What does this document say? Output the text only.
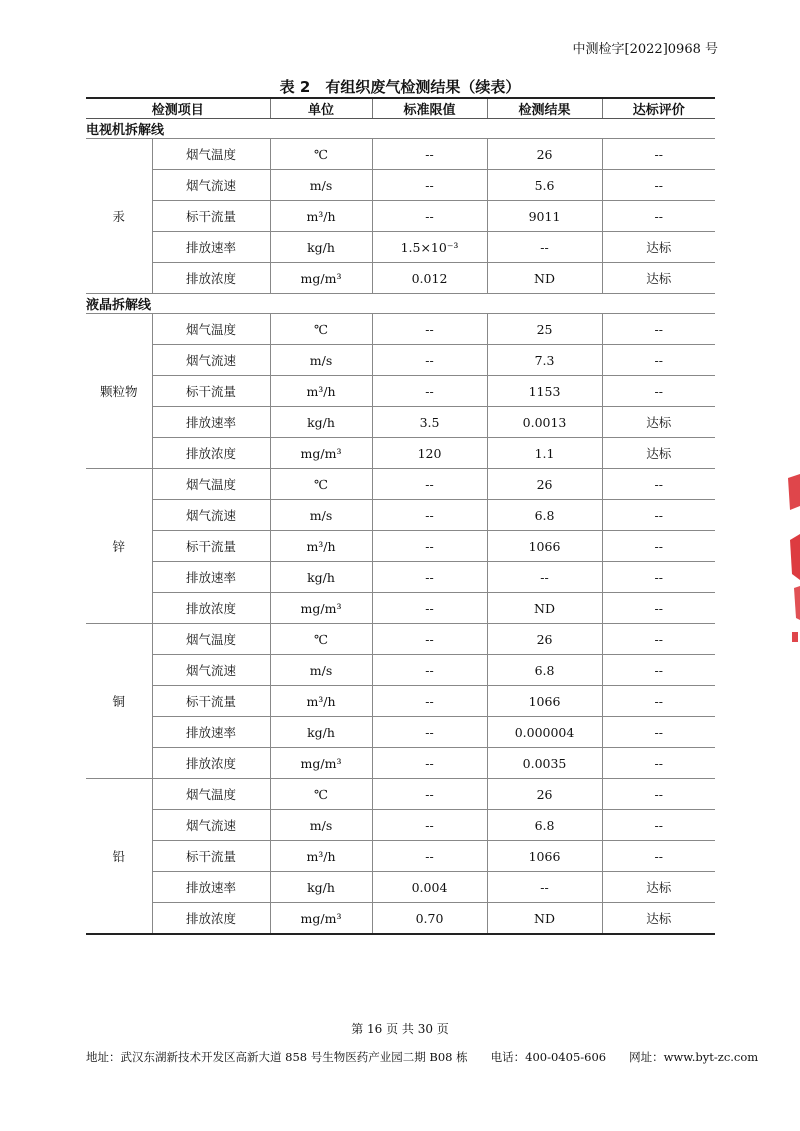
中测检字[2022]0968 号
表 2　有组织废气检测结果（续表）
检测项目		单位	标准限值	检测结果	达标评价
电视机拆解线					
汞	烟气温度	℃	--	26	--
	烟气流速	m/s	--	5.6	--
	标干流量	m³/h	--	9011	--
	排放速率	kg/h	1.5×10⁻³	--	达标
	排放浓度	mg/m³	0.012	ND	达标
液晶拆解线					
颗粒物	烟气温度	℃	--	25	--
	烟气流速	m/s	--	7.3	--
	标干流量	m³/h	--	1153	--
	排放速率	kg/h	3.5	0.0013	达标
	排放浓度	mg/m³	120	1.1	达标
锌	烟气温度	℃	--	26	--
	烟气流速	m/s	--	6.8	--
	标干流量	m³/h	--	1066	--
	排放速率	kg/h	--	--	--
	排放浓度	mg/m³	--	ND	--
铜	烟气温度	℃	--	26	--
	烟气流速	m/s	--	6.8	--
	标干流量	m³/h	--	1066	--
	排放速率	kg/h	--	0.000004	--
	排放浓度	mg/m³	--	0.0035	--
铅	烟气温度	℃	--	26	--
	烟气流速	m/s	--	6.8	--
	标干流量	m³/h	--	1066	--
	排放速率	kg/h	0.004	--	达标
	排放浓度	mg/m³	0.70	ND	达标
第 16 页 共 30 页
地址：武汉东湖新技术开发区高新大道 858 号生物医药产业园二期 B08 栋　　电话：400-0405-606　　网址：www.byt-zc.com
